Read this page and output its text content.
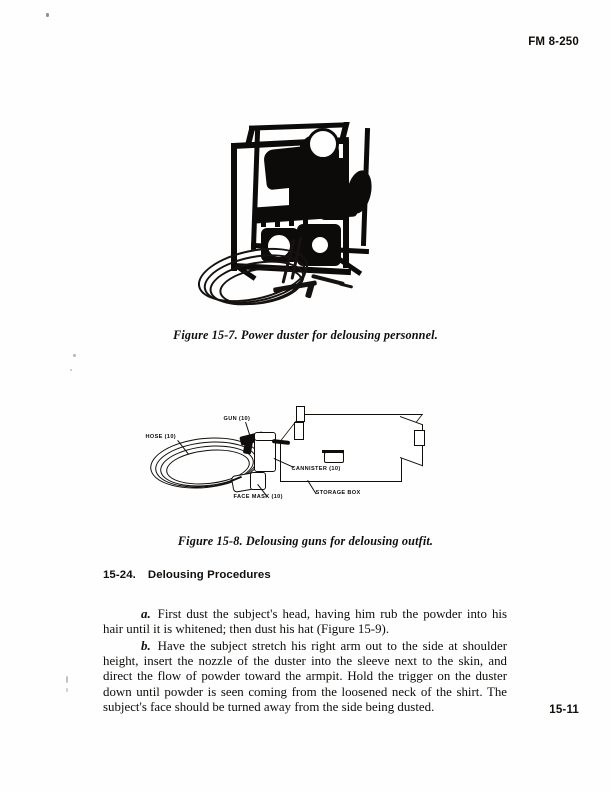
FM 8-250
Figure 15-7. Power duster for delousing personnel.
HOSE (10)
GUN (10)
CANNISTER (10)
FACE MASK (10)
STORAGE BOX
Figure 15-8. Delousing guns for delousing outfit.
15-24. Delousing Procedures

a. First dust the subject's head, having him rub the powder into his hair until it is whitened; then dust his hat (Figure 15-9).

b. Have the subject stretch his right arm out to the side at shoulder height, insert the nozzle of the duster into the sleeve next to the skin, and direct the flow of powder toward the armpit. Hold the trigger on the duster down until powder is seen coming from the loosened neck of the shirt. The subject's face should be turned away from the side being dusted.	15-11
